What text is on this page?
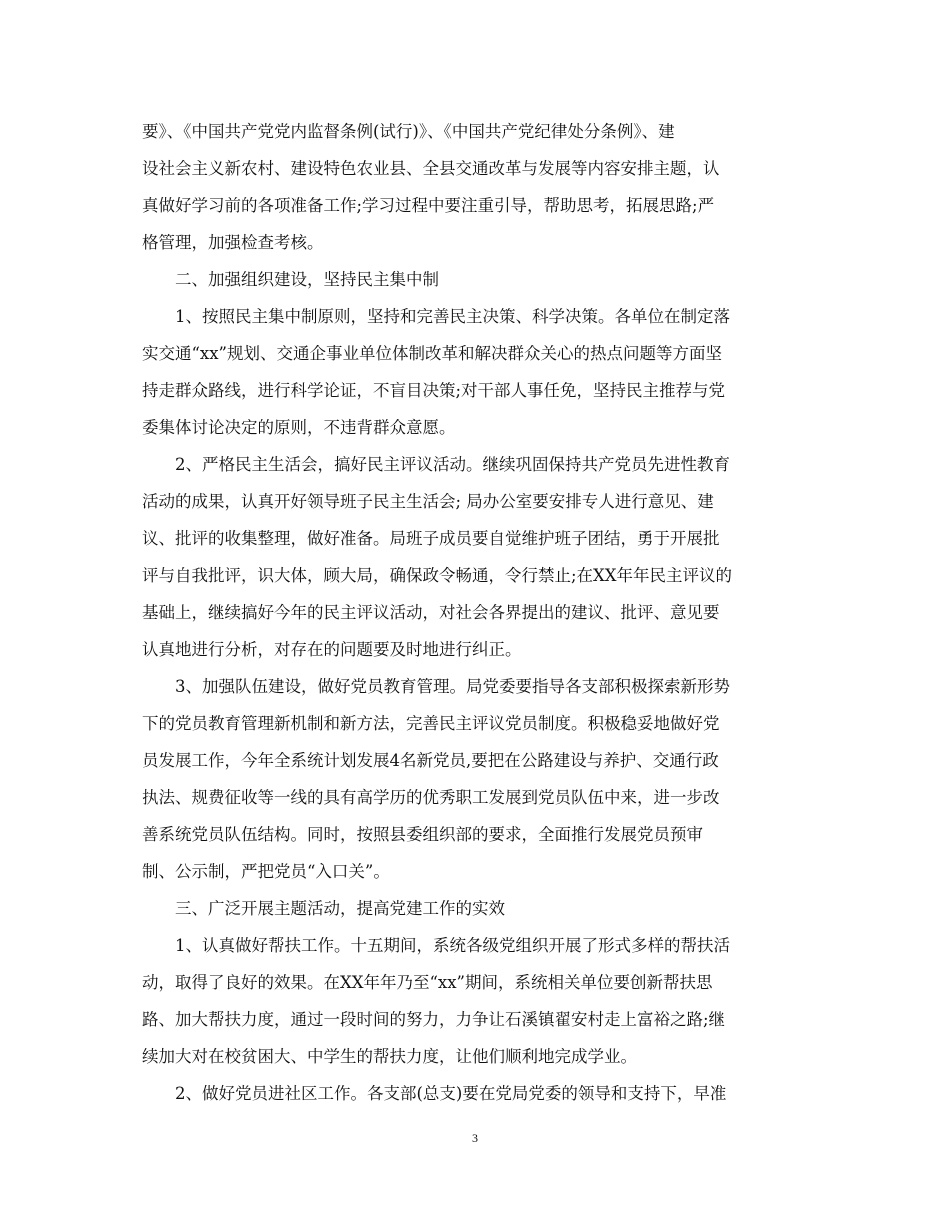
要》、《中国共产党党内监督条例(试行)》、《中国共产党纪律处分条例》、建
设社会主义新农村、建设特色农业县、全县交通改革与发展等内容安排主题，认
真做好学习前的各项准备工作;学习过程中要注重引导，帮助思考，拓展思路;严
格管理，加强检查考核。
　　二、加强组织建设，坚持民主集中制
　　1、按照民主集中制原则，坚持和完善民主决策、科学决策。各单位在制定落
实交通“xx”规划、交通企事业单位体制改革和解决群众关心的热点问题等方面坚
持走群众路线，进行科学论证，不盲目决策;对干部人事任免，坚持民主推荐与党
委集体讨论决定的原则，不违背群众意愿。
　　2、严格民主生活会，搞好民主评议活动。继续巩固保持共产党员先进性教育
活动的成果，认真开好领导班子民主生活会; 局办公室要安排专人进行意见、建
议、批评的收集整理，做好准备。局班子成员要自觉维护班子团结，勇于开展批
评与自我批评，识大体，顾大局，确保政令畅通，令行禁止;在XX年年民主评议的
基础上，继续搞好今年的民主评议活动，对社会各界提出的建议、批评、意见要
认真地进行分析，对存在的问题要及时地进行纠正。
　　3、加强队伍建设，做好党员教育管理。局党委要指导各支部积极探索新形势
下的党员教育管理新机制和新方法，完善民主评议党员制度。积极稳妥地做好党
员发展工作，今年全系统计划发展4名新党员,要把在公路建设与养护、交通行政
执法、规费征收等一线的具有高学历的优秀职工发展到党员队伍中来，进一步改
善系统党员队伍结构。同时，按照县委组织部的要求，全面推行发展党员预审
制、公示制，严把党员“入口关”。
　　三、广泛开展主题活动，提高党建工作的实效
　　1、认真做好帮扶工作。十五期间，系统各级党组织开展了形式多样的帮扶活
动，取得了良好的效果。在XX年年乃至“xx”期间，系统相关单位要创新帮扶思
路、加大帮扶力度，通过一段时间的努力，力争让石溪镇翟安村走上富裕之路;继
续加大对在校贫困大、中学生的帮扶力度，让他们顺利地完成学业。
　　2、做好党员进社区工作。各支部(总支)要在党局党委的领导和支持下，早准
3
